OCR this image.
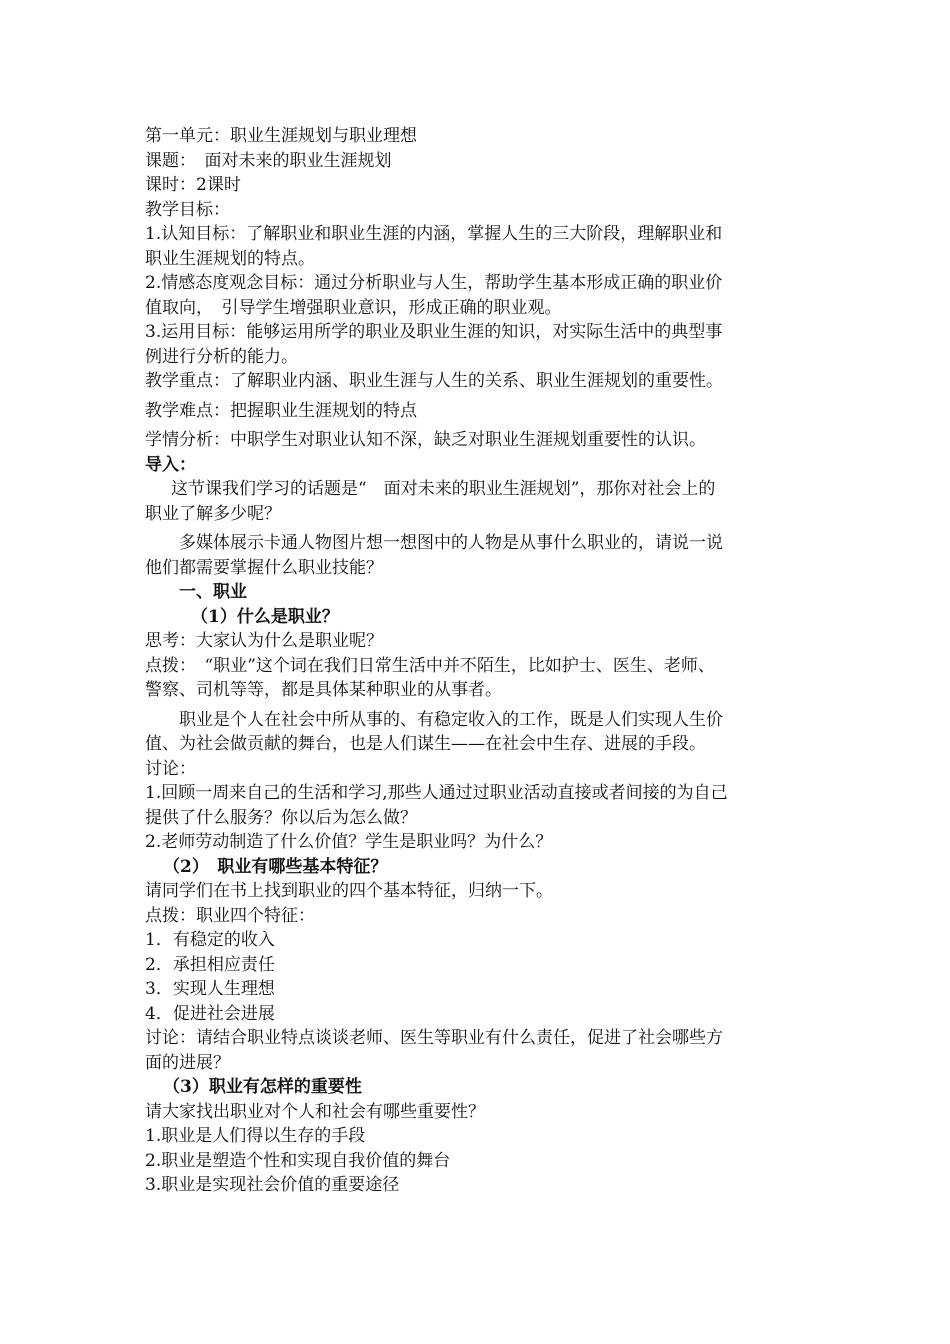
第一单元：职业生涯规划与职业理想

课题：　面对未来的职业生涯规划

课时：2课时

教学目标：

1.认知目标：了解职业和职业生涯的内涵，掌握人生的三大阶段，理解职业和

职业生涯规划的特点。

2.情感态度观念目标：通过分析职业与人生，帮助学生基本形成正确的职业价

值取向，　引导学生增强职业意识，形成正确的职业观。

3.运用目标：能够运用所学的职业及职业生涯的知识，对实际生活中的典型事

例进行分析的能力。

教学重点：了解职业内涵、职业生涯与人生的关系、职业生涯规划的重要性。

教学难点：把握职业生涯规划的特点

学情分析：中职学生对职业认知不深，缺乏对职业生涯规划重要性的认识。

导入：

这节课我们学习的话题是“　面对未来的职业生涯规划”，那你对社会上的

职业了解多少呢？

多媒体展示卡通人物图片想一想图中的人物是从事什么职业的，请说一说

他们都需要掌握什么职业技能？

一、职业

（1）什么是职业？

思考：大家认为什么是职业呢？

点拨：　“职业”这个词在我们日常生活中并不陌生，比如护士、医生、老师、

警察、司机等等，都是具体某种职业的从事者。

职业是个人在社会中所从事的、有稳定收入的工作，既是人们实现人生价

值、为社会做贡献的舞台，也是人们谋生——在社会中生存、进展的手段。

讨论：

1.回顾一周来自己的生活和学习,那些人通过过职业活动直接或者间接的为自己

提供了什么服务？你以后为怎么做？

2.老师劳动制造了什么价值？学生是职业吗？为什么？

（2）　职业有哪些基本特征？

请同学们在书上找到职业的四个基本特征，归纳一下。

点拨：职业四个特征：

1．有稳定的收入

2．承担相应责任

3．实现人生理想

4．促进社会进展

讨论：请结合职业特点谈谈老师、医生等职业有什么责任，促进了社会哪些方

面的进展？

（3）职业有怎样的重要性

请大家找出职业对个人和社会有哪些重要性？

1.职业是人们得以生存的手段

2.职业是塑造个性和实现自我价值的舞台

3.职业是实现社会价值的重要途径
